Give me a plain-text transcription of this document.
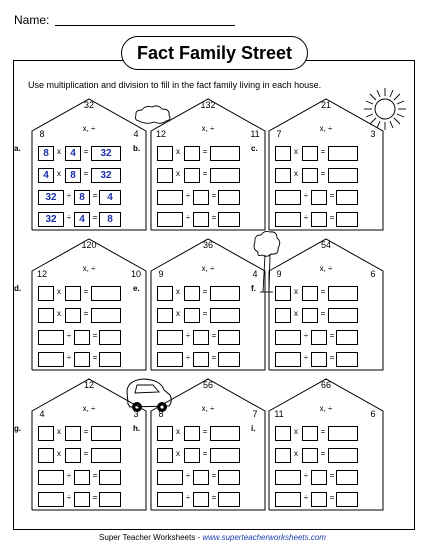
Name:
Fact Family Street
Use multiplication and division to fill in the fact family living in each house.
a.
32
x, ÷
8	4
8	x 4 =	32
4	x 8 =	32
32	÷ 8 = 4
32	÷ 4 = 8
b.
132
x, ÷
12	11
x	=
x	=
÷	=
÷	=
c.
21
x, ÷
7	3
x	=
x	=
÷	=
÷	=
d.
120
x, ÷
12	10
x	=
x	=
÷	=
÷	=
e.
36
x, ÷
9	4
x	=
x	=
÷	=
÷	=
f.
54
x, ÷
9	6
x	=
x	=
÷	=
÷	=
g.
12
x, ÷
4	3
x	=
x	=
÷	=
÷	=
h.
56
x, ÷
8	7
x	=
x	=
÷	=
÷	=
i.
66
x, ÷
11	6
x	=
x	=
÷	=
÷	=
Super Teacher Worksheets - www.superteacherworksheets.com
